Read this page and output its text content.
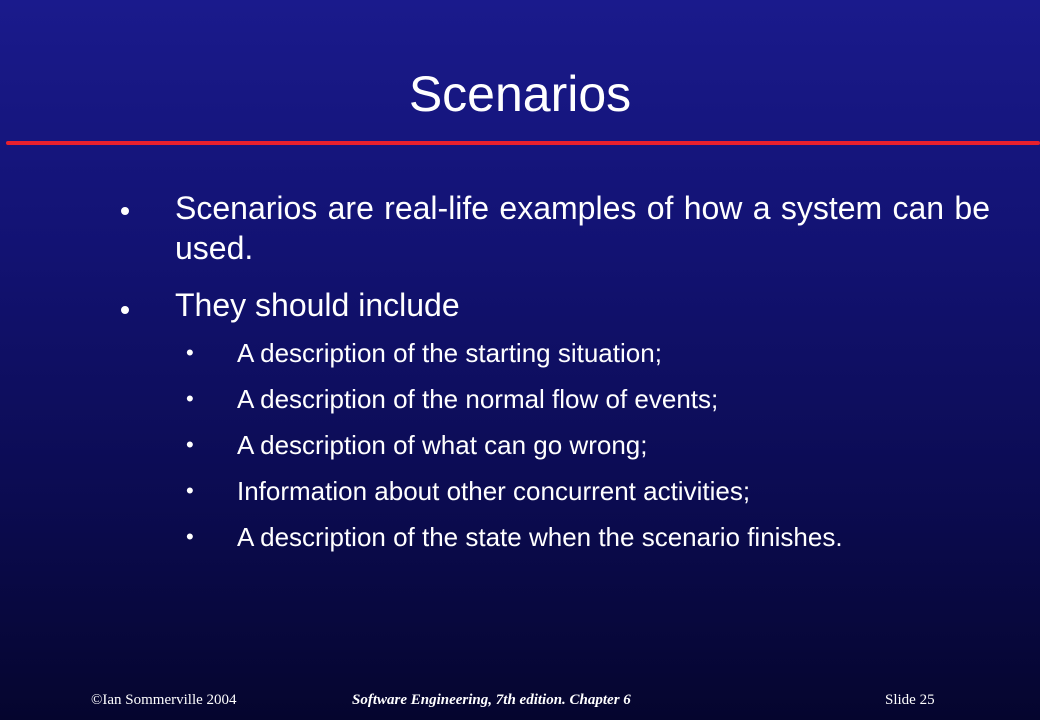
Scenarios
Scenarios are real-life examples of how a system can be used.
They should include
• A description of the starting situation;
• A description of the normal flow of events;
• A description of what can go wrong;
• Information about other concurrent activities;
• A description of the state when the scenario finishes.
©Ian Sommerville 2004	Software Engineering, 7th edition. Chapter 6	Slide 25
